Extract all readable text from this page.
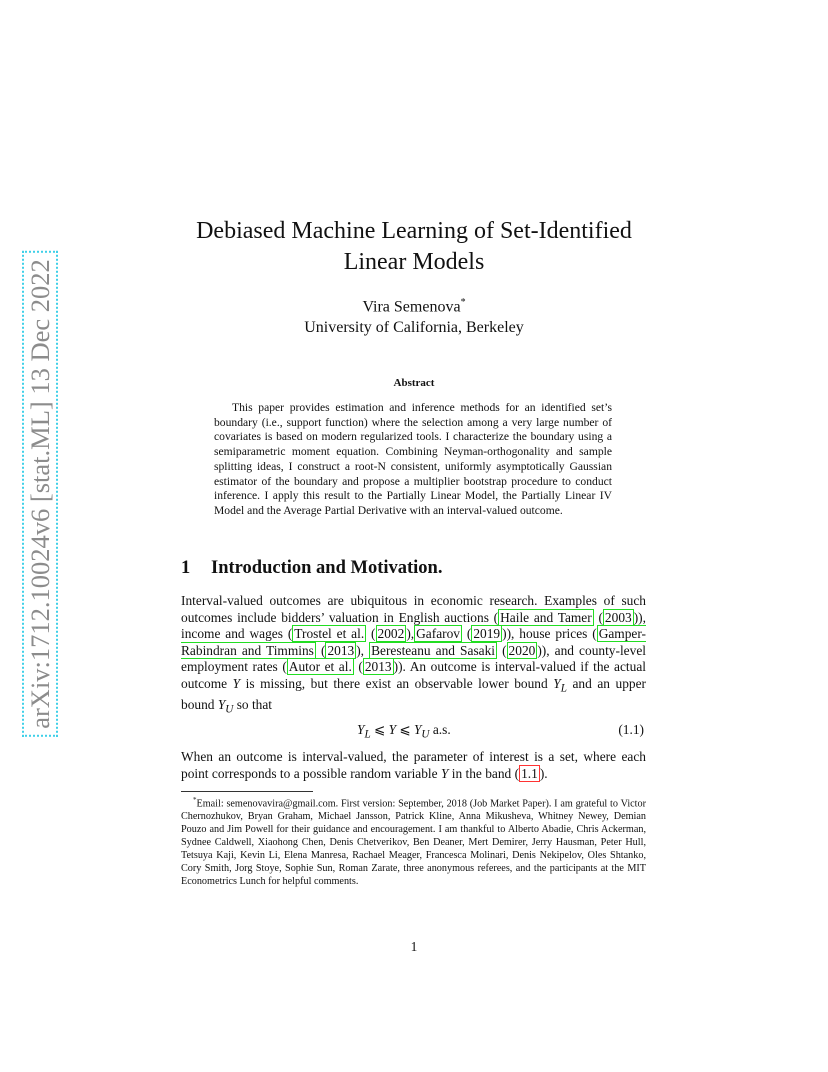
arXiv:1712.10024v6 [stat.ML] 13 Dec 2022
Debiased Machine Learning of Set-Identified
Linear Models
Vira Semenova*
University of California, Berkeley
Abstract
This paper provides estimation and inference methods for an identified set’s boundary (i.e., support function) where the selection among a very large number of covariates is based on modern regularized tools. I characterize the boundary using a semiparametric moment equation. Combining Neyman-orthogonality and sample splitting ideas, I construct a root-N consistent, uniformly asymptotically Gaussian estimator of the boundary and propose a multiplier bootstrap procedure to conduct inference. I apply this result to the Partially Linear Model, the Partially Linear IV Model and the Average Partial Derivative with an interval-valued outcome.
1 Introduction and Motivation.
Interval-valued outcomes are ubiquitous in economic research. Examples of such outcomes include bidders’ valuation in English auctions ( Haile and Tamer ( 2003 )), income and wages ( Trostel et al. ( 2002 ), Gafarov ( 2019 )), house prices ( Gamper-Rabindran and Timmins ( 2013 ), Beresteanu and Sasaki ( 2020 )), and county-level employment rates ( Autor et al. ( 2013 )). An outcome is interval-valued if the actual outcome Y is missing, but there exist an observable lower bound $Y_L$ and an upper bound $Y_U$ so that
$Y_L$ ⩽ Y ⩽ $Y_U$ a.s.	(1.1)
When an outcome is interval-valued, the parameter of interest is a set, where each point corresponds to a possible random variable Y in the band ( 1.1 ).
*Email: semenovavira@gmail.com. First version: September, 2018 (Job Market Paper). I am grateful to Victor Chernozhukov, Bryan Graham, Michael Jansson, Patrick Kline, Anna Mikusheva, Whitney Newey, Demian Pouzo and Jim Powell for their guidance and encouragement. I am thankful to Alberto Abadie, Chris Ackerman, Sydnee Caldwell, Xiaohong Chen, Denis Chetverikov, Ben Deaner, Mert Demirer, Jerry Hausman, Peter Hull, Tetsuya Kaji, Kevin Li, Elena Manresa, Rachael Meager, Francesca Molinari, Denis Nekipelov, Oles Shtanko, Cory Smith, Jorg Stoye, Sophie Sun, Roman Zarate, three anonymous referees, and the participants at the MIT Econometrics Lunch for helpful comments.
1
